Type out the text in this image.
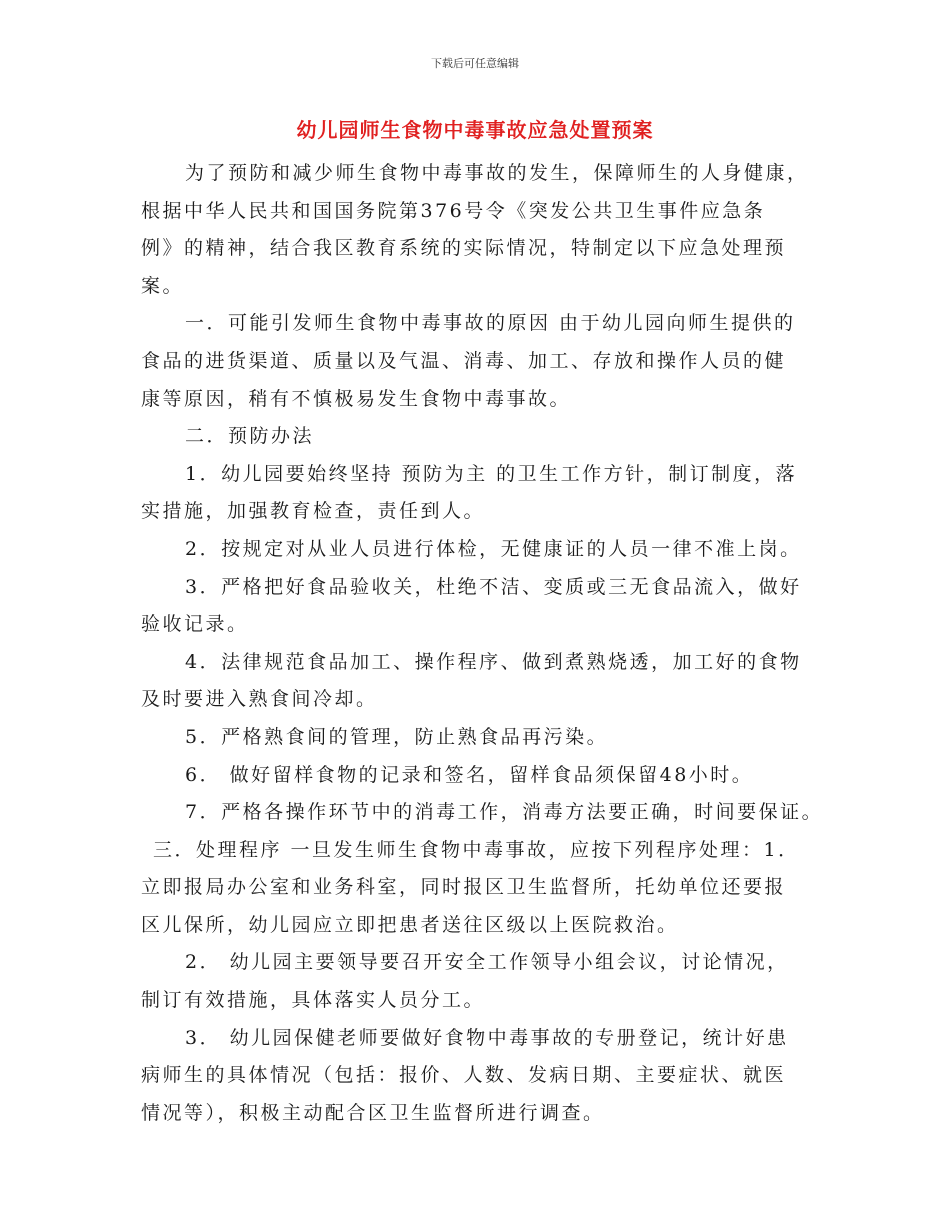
下载后可任意编辑
幼儿园师生食物中毒事故应急处置预案
为了预防和减少师生食物中毒事故的发生，保障师生的人身健康，
根据中华人民共和国国务院第376号令《突发公共卫生事件应急条
例》的精神，结合我区教育系统的实际情况，特制定以下应急处理预
案。
一．可能引发师生食物中毒事故的原因 由于幼儿园向师生提供的
食品的进货渠道、质量以及气温、消毒、加工、存放和操作人员的健
康等原因，稍有不慎极易发生食物中毒事故。
二．预防办法
1．幼儿园要始终坚持 预防为主 的卫生工作方针，制订制度，落
实措施，加强教育检查，责任到人。
2．按规定对从业人员进行体检，无健康证的人员一律不准上岗。
3．严格把好食品验收关，杜绝不洁、变质或三无食品流入，做好
验收记录。
4．法律规范食品加工、操作程序、做到煮熟烧透，加工好的食物
及时要进入熟食间冷却。
5．严格熟食间的管理，防止熟食品再污染。
6． 做好留样食物的记录和签名，留样食品须保留48小时。
7．严格各操作环节中的消毒工作，消毒方法要正确，时间要保证。
三．处理程序 一旦发生师生食物中毒事故，应按下列程序处理：1．
立即报局办公室和业务科室，同时报区卫生监督所，托幼单位还要报
区儿保所，幼儿园应立即把患者送往区级以上医院救治。
2． 幼儿园主要领导要召开安全工作领导小组会议，讨论情况，
制订有效措施，具体落实人员分工。
3． 幼儿园保健老师要做好食物中毒事故的专册登记，统计好患
病师生的具体情况（包括：报价、人数、发病日期、主要症状、就医
情况等），积极主动配合区卫生监督所进行调查。
